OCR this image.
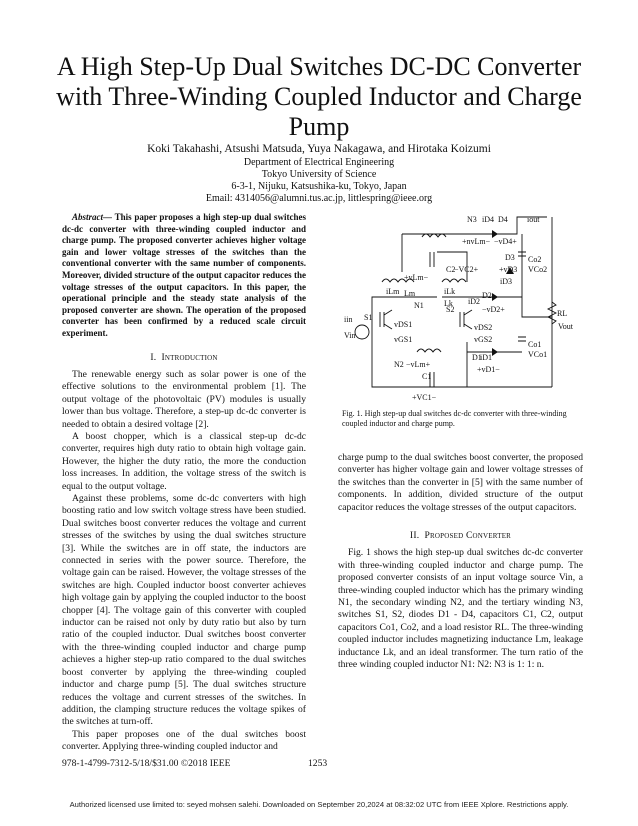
A High Step-Up Dual Switches DC-DC Converter with Three-Winding Coupled Inductor and Charge Pump
Koki Takahashi, Atsushi Matsuda, Yuya Nakagawa, and Hirotaka Koizumi
Department of Electrical Engineering
Tokyo University of Science
6-3-1, Nijuku, Katsushika-ku, Tokyo, Japan
Email: 4314056@alumni.tus.ac.jp, littlespring@ieee.org

Abstract— This paper proposes a high step-up dual switches dc-dc converter with three-winding coupled inductor and charge pump. The proposed converter achieves higher voltage gain and lower voltage stresses of the switches than the conventional converter with the same number of components. Moreover, divided structure of the output capacitor reduces the voltage stresses of the output capacitors. In this paper, the operational principle and the steady state analysis of the proposed converter are shown. The operation of the proposed converter has been confirmed by a reduced scale circuit experiment.

I. Introduction

The renewable energy such as solar power is one of the effective solutions to the environmental problem [1]. The output voltage of the photovoltaic (PV) modules is usually lower than bus voltage. Therefore, a step-up dc-dc converter is needed to obtain a desired voltage [2].

A boost chopper, which is a classical step-up dc-dc converter, requires high duty ratio to obtain high voltage gain. However, the higher the duty ratio, the more the conduction loss increases. In addition, the voltage stress of the switch is equal to the output voltage.

Against these problems, some dc-dc converters with high boosting ratio and low switch voltage stress have been studied. Dual switches boost converter reduces the voltage and current stresses of the switches by using the dual switches structure [3]. While the switches are in off state, the inductors are connected in series with the power source. Therefore, the voltage gain can be raised. However, the voltage stresses of the switches are high. Coupled inductor boost converter achieves high voltage gain by applying the coupled inductor to the boost chopper [4]. The voltage gain of this converter with coupled inductor can be raised not only by duty ratio but also by turn ratio of the coupled inductor. Dual switches boost converter with the three-winding coupled inductor and charge pump achieves a higher step-up ratio compared to the dual switches boost converter by applying the three-winding coupled inductor and charge pump [5]. The dual switches structure reduces the voltage and current stresses of the switches. In addition, the clamping structure reduces the voltage spikes of the switches at turn-off.

This paper proposes one of the dual switches boost converter. Applying three-winding coupled inductor and

N3 iD4 D4 iout
+nvLm− −vD4+
C2
−VC2+
D3
+vD3
iD3
Co2
VCo2
+vLm−
iLm Lm	iLk
Lk
N1	iD2
D2
−vD2+
S1
vDS1
vGS1
S2
vDS2
vGS2
iin
Vin
RL
Vout
Co1
VCo1
D1
iD1
+vD1−
N2 −vLm+
C1
+VC1−
Fig. 1. High step-up dual switches dc-dc converter with three-winding coupled inductor and charge pump.

charge pump to the dual switches boost converter, the proposed converter has higher voltage gain and lower voltage stresses of the switches than the converter in [5] with the same number of components. In addition, divided structure of the output capacitor reduces the voltage stresses of the output capacitors.

II. Proposed Converter

Fig. 1 shows the high step-up dual switches dc-dc converter with three-winding coupled inductor and charge pump. The proposed converter consists of an input voltage source Vin, a three-winding coupled inductor which has the primary winding N1, the secondary winding N2, and the tertiary winding N3, switches S1, S2, diodes D1 - D4, capacitors C1, C2, output capacitors Co1, Co2, and a load resistor RL. The three-winding coupled inductor includes magnetizing inductance Lm, leakage inductance Lk, and an ideal transformer. The turn ratio of the three winding coupled inductor N1: N2: N3 is 1: 1: n.

978-1-4799-7312-5/18/$31.00 ©2018 IEEE	1253
Authorized licensed use limited to: seyed mohsen salehi. Downloaded on September 20,2024 at 08:32:02 UTC from IEEE Xplore. Restrictions apply.
